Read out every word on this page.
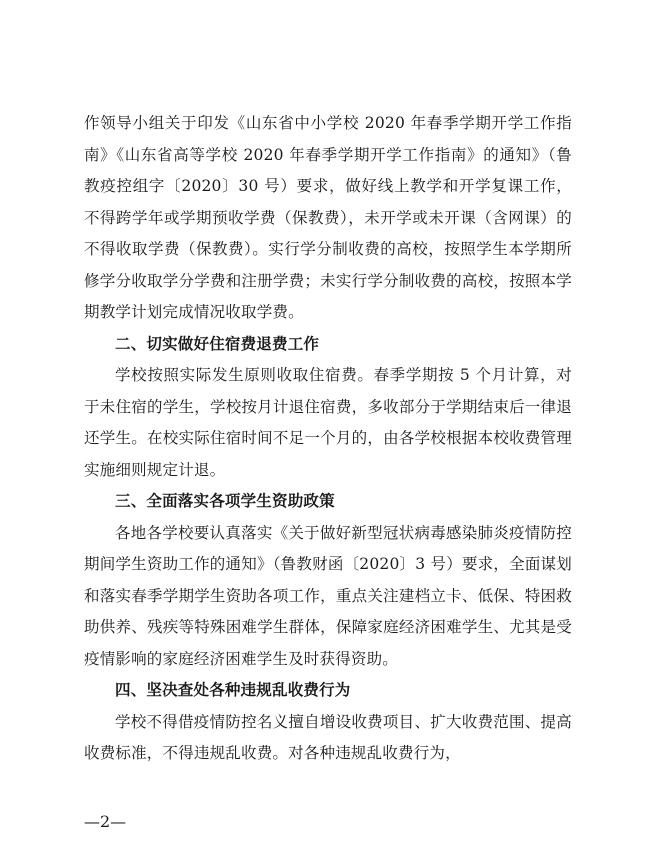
作领导小组关于印发《山东省中小学校 2020 年春季学期开学工作指南》《山东省高等学校 2020 年春季学期开学工作指南》的通知》（鲁教疫控组字〔2020〕30 号）要求，做好线上教学和开学复课工作，不得跨学年或学期预收学费（保教费），未开学或未开课（含网课）的不得收取学费（保教费）。实行学分制收费的高校，按照学生本学期所修学分收取学分学费和注册学费；未实行学分制收费的高校，按照本学期教学计划完成情况收取学费。

二、切实做好住宿费退费工作

学校按照实际发生原则收取住宿费。春季学期按 5 个月计算，对于未住宿的学生，学校按月计退住宿费，多收部分于学期结束后一律退还学生。在校实际住宿时间不足一个月的，由各学校根据本校收费管理实施细则规定计退。

三、全面落实各项学生资助政策

各地各学校要认真落实《关于做好新型冠状病毒感染肺炎疫情防控期间学生资助工作的通知》（鲁教财函〔2020〕3 号）要求，全面谋划和落实春季学期学生资助各项工作，重点关注建档立卡、低保、特困救助供养、残疾等特殊困难学生群体，保障家庭经济困难学生、尤其是受疫情影响的家庭经济困难学生及时获得资助。

四、坚决查处各种违规乱收费行为

学校不得借疫情防控名义擅自增设收费项目、扩大收费范围、提高收费标准，不得违规乱收费。对各种违规乱收费行为，

—2—
